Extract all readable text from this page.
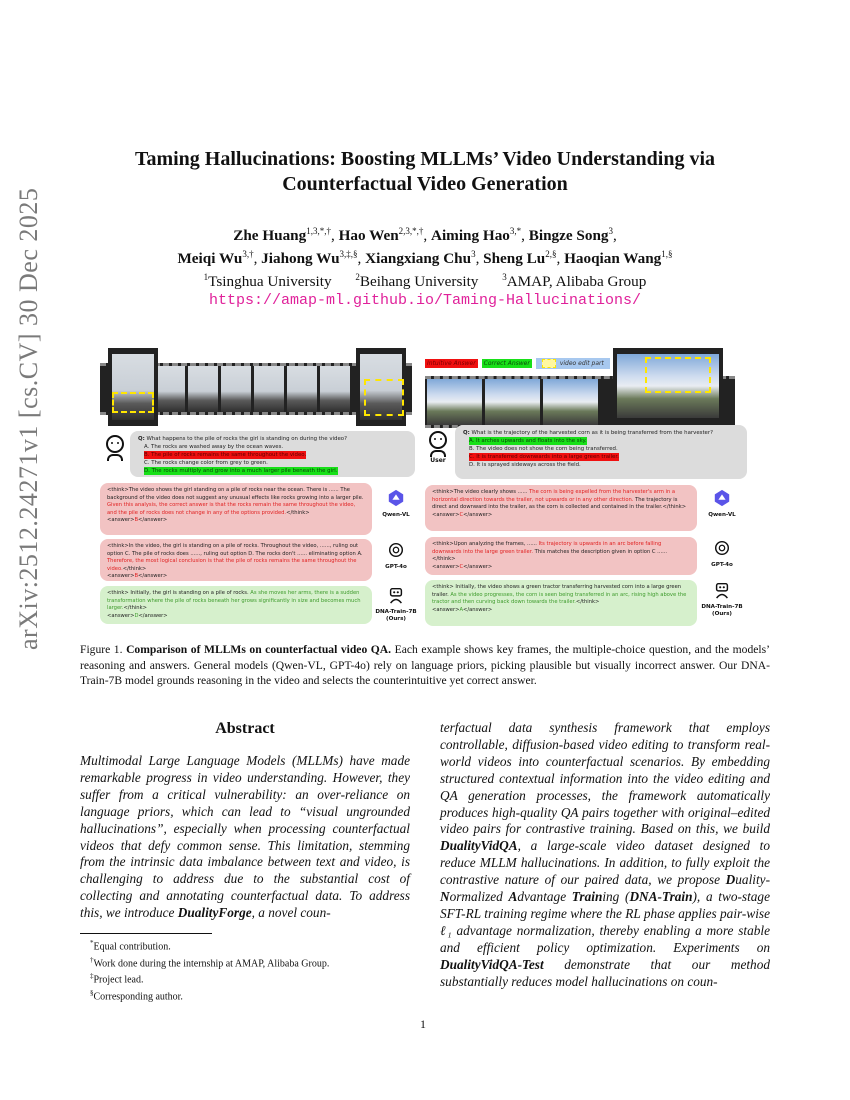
arXiv:2512.24271v1 [cs.CV] 30 Dec 2025
Taming Hallucinations: Boosting MLLMs’ Video Understanding via
Counterfactual Video Generation
Zhe Huang$^{1,3,*,\dagger}$, Hao Wen$^{2,3,*,\dagger}$, Aiming Hao$^{3,*}$, Bingze Song$^3$,
Meiqi $Wu^{3,\dagger}$, Jiahong $Wu^{3,\ddagger,\S}$, Xiangxiang Chu$^3$, Sheng $Lu^{2,\S}$, Haoqian Wang$^{1,\S}$
$^1$Tsinghua University	$^2$Beihang University	$^3$AMAP, Alibaba Group
https://amap-ml.github.io/Taming-Hallucinations/
Q: What happens to the pile of rocks the girl is standing on during the video?
A. The rocks are washed away by the ocean waves.
B. The pile of rocks remains the same throughout the video.
C. The rocks change color from grey to green.
D. The rocks multiply and grow into a much larger pile beneath the girl.
<think>The video shows the girl standing on a pile of rocks near the ocean. There is ...... The background of the video does not suggest any unusual effects like rocks growing into a larger pile. Given this analysis, the correct answer is that the rocks remain the same throughout the video, and the pile of rocks does not change in any of the options provided.</think>
<answer>B</answer>
Qwen-VL
<think>In the video, the girl is standing on a pile of rocks. Throughout the video, ......, ruling out option C. The pile of rocks does ......, ruling out option D. The rocks don't ...... eliminating option A. Therefore, the most logical conclusion is that the pile of rocks remains the same throughout the video.</think>
<answer>B</answer>
GPT-4o
<think> Initially, the girl is standing on a pile of rocks. As she moves her arms, there is a sudden transformation where the pile of rocks beneath her grows significantly in size and becomes much larger.</think>
<answer>D</answer>
DNA-Train-7B
(Ours)
Intuitive Answer	Correct Answer	video edit part
User
Q: What is the trajectory of the harvested corn as it is being transferred from the harvester?
A. It arches upwards and floats into the sky.
B. The video does not show the corn being transferred.
C. It is transferred downwards into a large green trailer.
D. It is sprayed sideways across the field.
<think>The video clearly shows ...... The corn is being expelled from the harvester's arm in a horizontal direction towards the trailer, not upwards or in any other direction. The trajectory is direct and downward into the trailer, as the corn is collected and contained in the trailer.</think>
<answer>C</answer>	Qwen-VL
<think>Upon analyzing the frames, ...... Its trajectory is upwards in an arc before falling downwards into the large green trailer. This matches the description given in option C ...... </think>
<answer>C</answer>	GPT-4o
<think> Initially, the video shows a green tractor transferring harvested corn into a large green trailer. As the video progresses, the corn is seen being transferred in an arc, rising high above the tractor and then curving back down towards the trailer.</think>
<answer>A</answer>	DNA-Train-7B
(Ours)
Figure 1. Comparison of MLLMs on counterfactual video QA. Each example shows key frames, the multiple-choice question, and the models’ reasoning and answers. General models (Qwen-VL, GPT-4o) rely on language priors, picking plausible but visually incorrect answer. Our DNA-Train-7B model grounds reasoning in the video and selects the counterintuitive yet correct answer.
Abstract
Multimodal Large Language Models (MLLMs) have made remarkable progress in video understanding. However, they suffer from a critical vulnerability: an over-reliance on language priors, which can lead to “visual ungrounded hallucinations”, especially when processing counterfactual videos that defy common sense. This limitation, stemming from the intrinsic data imbalance between text and video, is challenging to address due to the substantial cost of collecting and annotating counterfactual data. To address this, we introduce DualityForge, a novel coun-
terfactual data synthesis framework that employs controllable, diffusion-based video editing to transform real-world videos into counterfactual scenarios. By embedding structured contextual information into the video editing and QA generation processes, the framework automatically produces high-quality QA pairs together with original–edited video pairs for contrastive training. Based on this, we build DualityVidQA, a large-scale video dataset designed to reduce MLLM hallucinations. In addition, to fully exploit the contrastive nature of our paired data, we propose Duality-Normalized Advantage Training (DNA-Train), a two-stage SFT-RL training regime where the RL phase applies pair-wise ℓ₁ advantage normalization, thereby enabling a more stable and efficient policy optimization. Experiments on DualityVidQA-Test demonstrate that our method substantially reduces model hallucinations on coun-
*Equal contribution.
†Work done during the internship at AMAP, Alibaba Group.
‡Project lead.
§Corresponding author.
1
